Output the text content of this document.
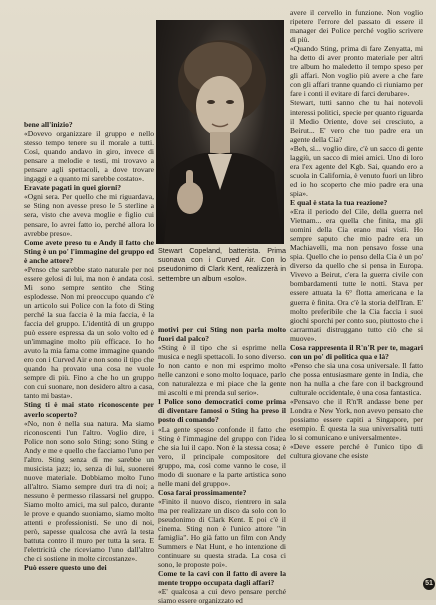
bene all'inizio?

«Dovevo organizzare il gruppo e nello stesso tempo tenere su il morale a tutti. Così, quando andavo in giro, invece di pensare a melodie e testi, mi trovavo a pensare agli spettacoli, a dove trovare ingaggi e a quanto mi sarebbe costato».

Eravate pagati in quei giorni?

«Ogni sera. Per quello che mi riguardava, se Sting non avesse preso le 5 sterline a sera, visto che aveva moglie e figlio cui pensare, lo avrei fatto io, perché allora lo avrebbe preso».

Come avete preso tu e Andy il fatto che Sting è un po' l'immagine del gruppo ed è anche attore?

«Penso che sarebbe stato naturale per noi essere gelosi di lui, ma non è andata così. Mi sono sempre sentito che Sting esplodesse. Non mi preoccupo quando c'è un articolo sui Police con la foto di Sting perché la sua faccia è la mia faccia, è la faccia del gruppo. L'identità di un gruppo può essere espressa da un solo volto ed è un'immagine molto più efficace. Io ho avuto la mia fama come immagine quando ero con i Curved Air e non sono il tipo che quando ha provato una cosa ne vuole sempre di più. Fino a che ho un gruppo con cui suonare, non desidero altro a casa, tanto mi basta».

Sting ti è mai stato riconoscente per averlo scoperto?

«No, non è nella sua natura. Ma siamo riconoscenti l'un l'altro. Voglio dire, i Police non sono solo Sting; sono Sting e Andy e me e quello che facciamo l'uno per l'altro. Sting senza di me sarebbe un musicista jazz; io, senza di lui, suonerei nuove materiale. Dobbiamo molto l'uno all'altro. Siamo sempre duri tra di noi; a nessuno è permesso rilassarsi nel gruppo. Siamo molto amici, ma sul palco, durante le prove e quando suoniamo, siamo molto attenti e professionisti. Se uno di noi, però, sapesse qualcosa che avrà la testa battuta contro il muro per tutta la sera. E l'elettricità che riceviamo l'uno dall'altro che ci sostiene in molte circostanze».

Può essere questo uno dei

Stewart Copeland, batterista. Prima suonava con i Curved Air. Con lo pseudonimo di Clark Kent, realizzerà in settembre un album «solo».

motivi per cui Sting non parla molto fuori dal palco?

«Sting è il tipo che si esprime nella musica e negli spettacoli. Io sono diverso. Io non canto e non mi esprimo molto nelle canzoni e sono molto loquace, parlo con naturalezza e mi piace che la gente mi ascolti e mi prenda sul serio».

I Police sono democratici come prima di diventare famosi o Sting ha preso il posto di comando?

«La gente spesso confonde il fatto che Sting è l'immagine del gruppo con l'idea che sia lui il capo. Non è la stessa cosa; è vero, il principale compositore del gruppo, ma, così come vanno le cose, il modo di suonare e la parte artistica sono nelle mani del gruppo».

Cosa farai prossimamente?

«Finito il nuovo disco, rientrero in sala ma per realizzare un disco da solo con lo pseudonimo di Clark Kent. E poi c'è il cinema. Sting non è l'unico attore "in famiglia". Ho già fatto un film con Andy Summers e Nat Hunt, e ho intenzione di continuare su questa strada. La cosa ci sono, le proposte poi».

Come te la cavi con il fatto di avere la mente troppo occupata dagli affari?

«E' qualcosa a cui devo pensare perché siamo essere organizzato ed

avere il cervello in funzione. Non voglio ripetere l'errore del passato di essere il manager dei Police perché voglio scrivere di più.

«Quando Sting, prima di fare Zenyatta, mi ha detto di aver pronto materiale per altri tre album ho maledetto il tempo speso per gli affari. Non voglio più avere a che fare con gli affari tranne quando ci riuniamo per fare i conti il evitare di farci derubare».

Stewart, tutti sanno che tu hai notevoli interessi politici, specie per quanto riguarda il Medio Oriente, dove sei cresciuto, a Beirut... E' vero che tuo padre era un agente della Cia?

«Beh, sì... voglio dire, c'è un sacco di gente laggiù, un sacco di miei amici. Uno di loro era l'ex agente del Kgb. Sai, quando ero a scuola in California, è venuto fuori un libro ed io ho scoperto che mio padre era una spia».

E qual è stata la tua reazione?

«Era il periodo del Cile, della guerra nel Vietnam... era quella che finita, ma gli uomini della Cia erano mai visti. Ho sempre saputo che mio padre era un Machiavelli, ma non pensavo fosse una spia. Quello che io penso della Cia è un po' diverso da quello che si pensa in Europa. Vivevo a Beirut, c'era la guerra civile con bombardamenti tutte le notti. Stava per essere attuata la 6° flotta americana e la guerra è finita. Ora c'è la storia dell'Iran. E' molto preferibile che la Cia faccia i suoi giochi sporchi per conto suo, piuttosto che i carrarmati distruggano tutto ciò che si muove».

Cosa rappresenta il R'n'R per te, magari con un po' di politica qua e là?

«Penso che sia una cosa universale. Il fatto che possa entusiasmare gente in India, che non ha nulla a che fare con il background culturale occidentale, è una cosa fantastica.

«Pensavo che il R'n'R andasse bene per Londra e New York, non avevo pensato che possiamo essere capiti a Singapore, per esempio. È questa la sua universalità tutti lo si comunicano e universalmente».

«Deve essere perché è l'unico tipo di cultura giovane che esiste

51
